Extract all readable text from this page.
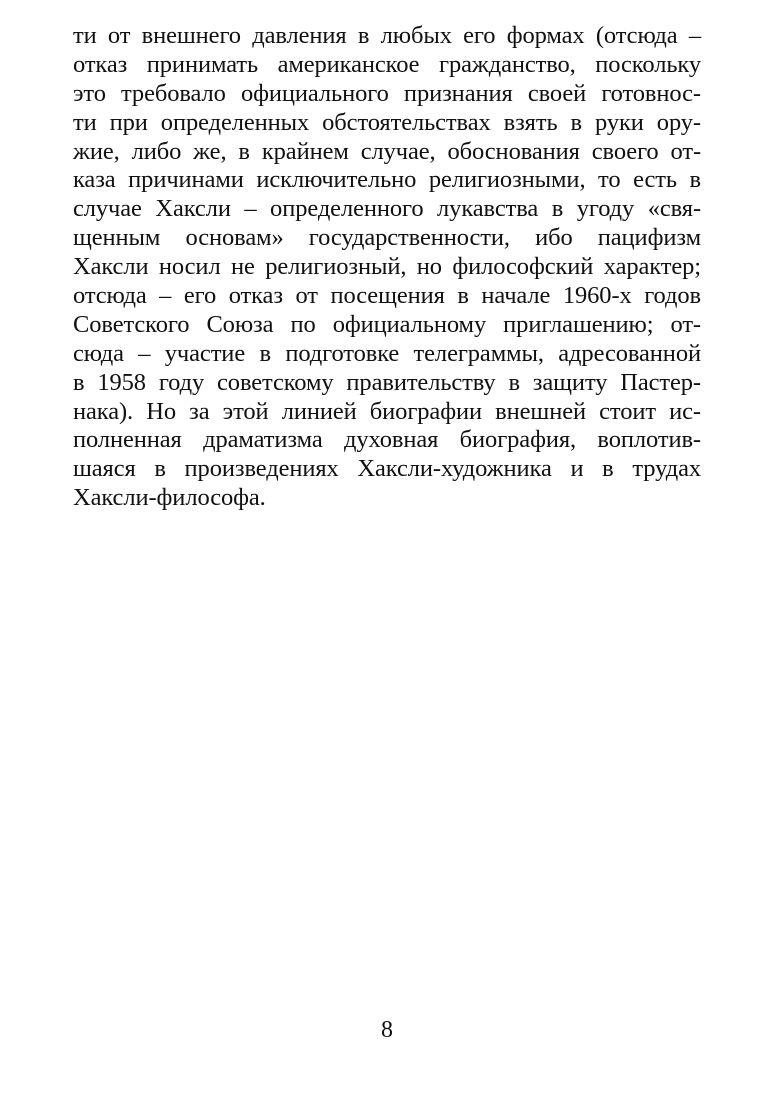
ти от внешнего давления в любых его формах (отсюда –
отказ принимать американское гражданство, поскольку
это требовало официального признания своей готовнос-
ти при определенных обстоятельствах взять в руки ору-
жие, либо же, в крайнем случае, обоснования своего от-
каза причинами исключительно религиозными, то есть в
случае Хаксли – определенного лукавства в угоду «свя-
щенным основам» государственности, ибо пацифизм
Хаксли носил не религиозный, но философский характер;
отсюда – его отказ от посещения в начале 1960-х годов
Советского Союза по официальному приглашению; от-
сюда – участие в подготовке телеграммы, адресованной
в 1958 году советскому правительству в защиту Пастер-
нака). Но за этой линией биографии внешней стоит ис-
полненная драматизма духовная биография, воплотив-
шаяся в произведениях Хаксли-художника и в трудах
Хаксли-философа.
8
